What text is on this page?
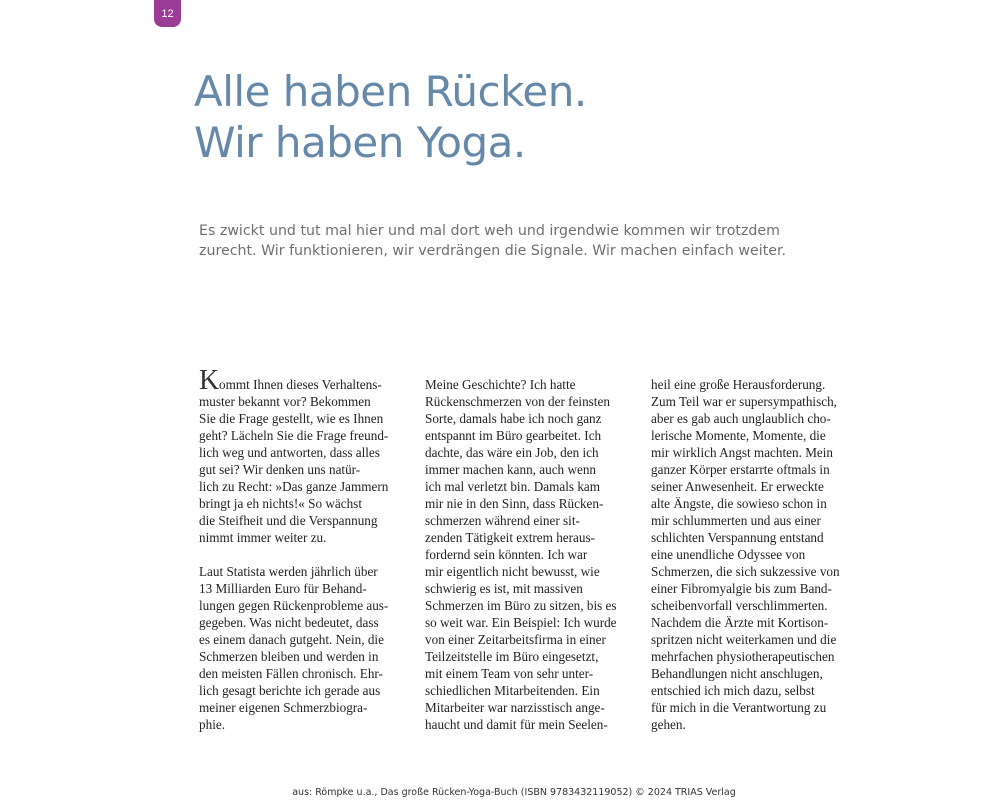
12
Alle haben Rücken.
Wir haben Yoga.

Es zwickt und tut mal hier und mal dort weh und irgendwie kommen wir trotzdem
zurecht. Wir funktionieren, wir verdrängen die Signale. Wir machen einfach weiter.

K ommt Ihnen dieses Verhaltens-
muster bekannt vor? Bekommen
Sie die Frage gestellt, wie es Ihnen
geht? Lächeln Sie die Frage freund-
lich weg und antworten, dass alles
gut sei? Wir denken uns natür-
lich zu Recht: »Das ganze Jammern
bringt ja eh nichts!« So wächst
die Steifheit und die Verspannung
nimmt immer weiter zu.
Laut Statista werden jährlich über
13 Milliarden Euro für Behand-
lungen gegen Rückenprobleme aus-
gegeben. Was nicht bedeutet, dass
es einem danach gutgeht. Nein, die
Schmerzen bleiben und werden in
den meisten Fällen chronisch. Ehr-
lich gesagt berichte ich gerade aus
meiner eigenen Schmerzbiogra-
phie.
Meine Geschichte? Ich hatte
Rückenschmerzen von der feinsten
Sorte, damals habe ich noch ganz
entspannt im Büro gearbeitet. Ich
dachte, das wäre ein Job, den ich
immer machen kann, auch wenn
ich mal verletzt bin. Damals kam
mir nie in den Sinn, dass Rücken-
schmerzen während einer sit-
zenden Tätigkeit extrem heraus-
fordernd sein könnten. Ich war
mir eigentlich nicht bewusst, wie
schwierig es ist, mit massiven
Schmerzen im Büro zu sitzen, bis es
so weit war. Ein Beispiel: Ich wurde
von einer Zeitarbeitsfirma in einer
Teilzeitstelle im Büro eingesetzt,
mit einem Team von sehr unter-
schiedlichen Mitarbeitenden. Ein
Mitarbeiter war narzisstisch ange-
haucht und damit für mein Seelen-
heil eine große Herausforderung.
Zum Teil war er supersympathisch,
aber es gab auch unglaublich cho-
lerische Momente, Momente, die
mir wirklich Angst machten. Mein
ganzer Körper erstarrte oftmals in
seiner Anwesenheit. Er erweckte
alte Ängste, die sowieso schon in
mir schlummerten und aus einer
schlichten Verspannung entstand
eine unendliche Odyssee von
Schmerzen, die sich sukzessive von
einer Fibromyalgie bis zum Band-
scheibenvorfall verschlimmerten.
Nachdem die Ärzte mit Kortison-
spritzen nicht weiterkamen und die
mehrfachen physiotherapeutischen
Behandlungen nicht anschlugen,
entschied ich mich dazu, selbst
für mich in die Verantwortung zu
gehen.
aus: Römpke u.a., Das große Rücken-Yoga-Buch (ISBN 9783432119052) © 2024 TRIAS Verlag
